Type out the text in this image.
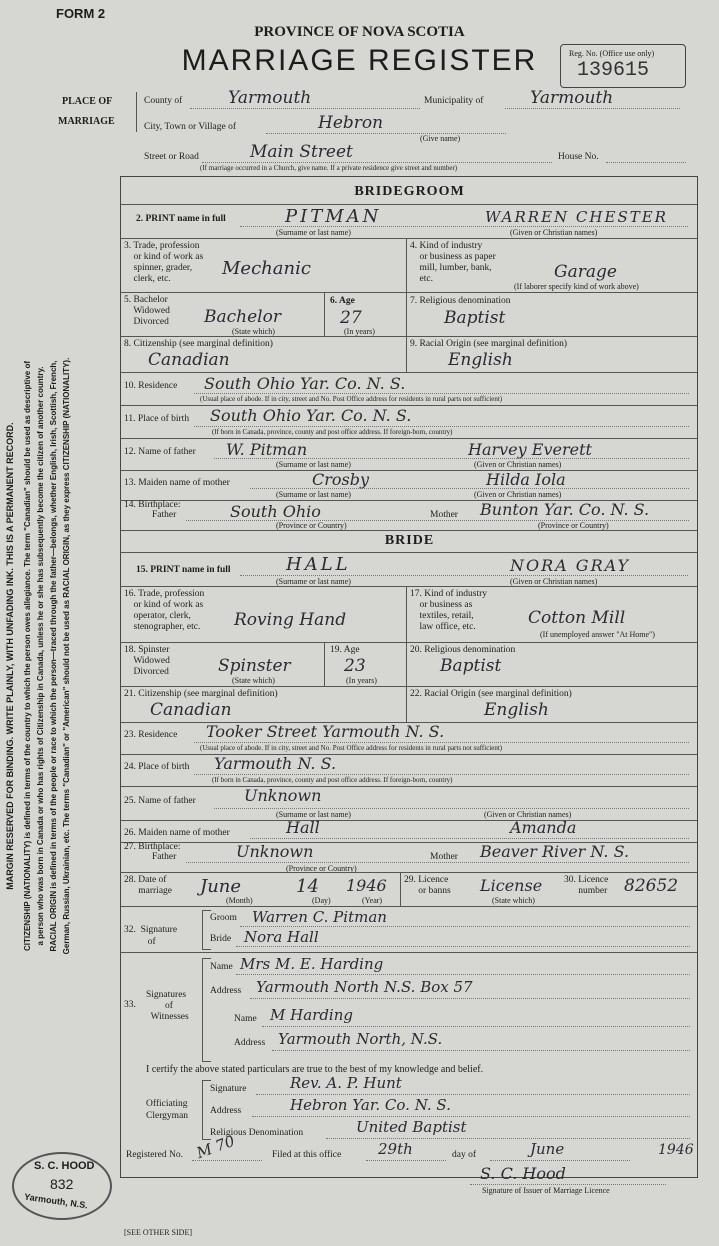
MARGIN RESERVED FOR BINDING. WRITE PLAINLY, WITH UNFADING INK. THIS IS A PERMANENT RECORD. CITIZENSHIP (NATIONALITY) is defined in terms of the country to which the person owes allegiance. The term "Canadian" should be used as descriptive of a person who was born in Canada or who has rights of Citizenship in Canada, unless he or she has subsequently become the citizen of another country. RACIAL ORIGIN is defined in terms of the people or race to which the person—traced through the father—belongs, whether English, Irish, Scottish, French, German, Russian, Ukrainian, etc. The terms "Canadian" or "American" should not be used as RACIAL ORIGIN, as they express CITIZENSHIP (NATIONALITY).
FORM 2
PROVINCE OF NOVA SCOTIA
MARRIAGE REGISTER	Reg. No. (Office use only)
139615
PLACE OF
MARRIAGE
County of	Yarmouth	Municipality of	Yarmouth
City, Town or Village of	Hebron
(Give name)
Street or Road	Main Street	House No.
(If marriage occurred in a Church, give name. If a private residence give street and number)
BRIDEGROOM
2. PRINT name in full	PITMAN	WARREN CHESTER
(Surname or last name)	(Given or Christian names)
3. Trade, profession
or kind of work as
spinner, grader,
clerk, etc.	Mechanic
4. Kind of industry
or business as paper
mill, lumber, bank,
etc.	Garage
(If laborer specify kind of work above)
5. Bachelor
Widowed
Divorced Bachelor
(State which)
6. Age
27
(In years)
7. Religious denomination
Baptist
8. Citizenship (see marginal definition)
Canadian
9. Racial Origin (see marginal definition)
English
10. Residence South Ohio Yar. Co. N. S.
(Usual place of abode. If in city, street and No. Post Office address for residents in rural parts not sufficient)
11. Place of birth South Ohio Yar. Co. N. S.
(If born in Canada, province, county and post office address. If foreign-born, country)
12. Name of father W. Pitman	Harvey Everett
(Surname or last name)	(Given or Christian names)
13. Maiden name of mother	Crosby	Hilda Iola
(Surname or last name)	(Given or Christian names)
14. Birthplace:
Father	South Ohio	Mother Bunton Yar. Co. N. S.
(Province or Country)	(Province or Country)
BRIDE
15. PRINT name in full	HALL	NORA GRAY
(Surname or last name)	(Given or Christian names)
16. Trade, profession
or kind of work as
operator, clerk,
stenographer, etc. Roving Hand
17. Kind of industry
or business as
textiles, retail,
law office, etc.	Cotton Mill
(If unemployed answer "At Home")
18. Spinster
Widowed
Divorced	Spinster
(State which)
19. Age
23
(In years)
20. Religious denomination
Baptist
21. Citizenship (see marginal definition)
Canadian
22. Racial Origin (see marginal definition)
English
23. Residence Tooker Street Yarmouth N. S.
(Usual place of abode. If in city, street and No. Post Office address for residents in rural parts not sufficient)
24. Place of birth Yarmouth N. S.
(If born in Canada, province, county and post office address. If foreign-born, country)
25. Name of father	Unknown
(Surname or last name)	(Given or Christian names)
26. Maiden name of mother	Hall	Amanda
27. Birthplace:
Father	Unknown	Mother Beaver River N. S.
(Province or Country)
28. Date of
marriage June	14 1946
(Month)	(Day)	(Year)
29. Licence
or banns License
(State which)
30. Licence
number 82652
32.  Signature
of
Groom Warren C. Pitman
Bride Nora Hall
33.
Signatures
of
Witnesses
Name Mrs M. E. Harding
Address Yarmouth North N.S. Box 57
Name M Harding
Address Yarmouth North, N.S.
I certify the above stated particulars are true to the best of my knowledge and belief.
Officiating
Clergyman
Signature	Rev. A. P. Hunt
Address	Hebron Yar. Co. N. S.
Religious Denomination	United Baptist
Registered No. M 70	Filed at this office 29th	day of	June	1946
S. C. Hood
Signature of Issuer of Marriage Licence
S. C. HOOD
832
Yarmouth, N.S.
[SEE OTHER SIDE]
